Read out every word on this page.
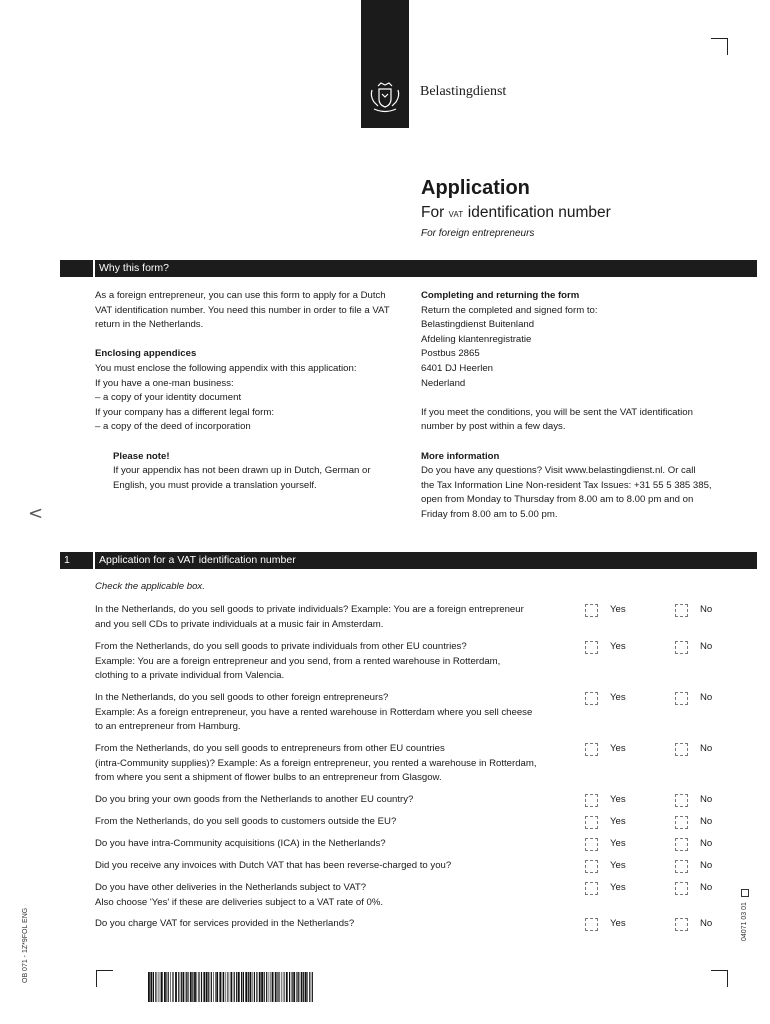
Belastingdienst
Application
For VAT identification number
For foreign entrepreneurs
Why this form?
As a foreign entrepreneur, you can use this form to apply for a Dutch
VAT identification number. You need this number in order to file a VAT
return in the Netherlands.
Enclosing appendices
You must enclose the following appendix with this application:
If you have a one-man business:
– a copy of your identity document
If your company has a different legal form:
– a copy of the deed of incorporation
Please note!
If your appendix has not been drawn up in Dutch, German or
English, you must provide a translation yourself.
Completing and returning the form
Return the completed and signed form to:
Belastingdienst Buitenland
Afdeling klantenregistratie
Postbus 2865
6401 DJ Heerlen
Nederland
If you meet the conditions, you will be sent the VAT identification
number by post within a few days.
More information
Do you have any questions? Visit www.belastingdienst.nl. Or call
the Tax Information Line Non-resident Tax Issues: +31 55 5 385 385,
open from Monday to Thursday from 8.00 am to 8.00 pm and on
Friday from 8.00 am to 5.00 pm.
<
1	Application for a VAT identification number
Check the applicable box.
In the Netherlands, do you sell goods to private individuals? Example: You are a foreign entrepreneur
and you sell CDs to private individuals at a music fair in Amsterdam.
Yes	No
From the Netherlands, do you sell goods to private individuals from other EU countries?
Example: You are a foreign entrepreneur and you send, from a rented warehouse in Rotterdam,
clothing to a private individual from Valencia.
Yes	No
In the Netherlands, do you sell goods to other foreign entrepreneurs?
Example: As a foreign entrepreneur, you have a rented warehouse in Rotterdam where you sell cheese
to an entrepreneur from Hamburg.
Yes	No
From the Netherlands, do you sell goods to entrepreneurs from other EU countries
(intra-Community supplies)? Example: As a foreign entrepreneur, you rented a warehouse in Rotterdam,
from where you sent a shipment of flower bulbs to an entrepreneur from Glasgow.
Yes	No
Do you bring your own goods from the Netherlands to another EU country?	Yes	No
From the Netherlands, do you sell goods to customers outside the EU?	Yes	No
Do you have intra-Community acquisitions (ICA) in the Netherlands?	Yes	No
Did you receive any invoices with Dutch VAT that has been reverse-charged to you?	Yes	No
Do you have other deliveries in the Netherlands subject to VAT?
Also choose 'Yes' if these are deliveries subject to a VAT rate of 0%.
Yes	No
Do you charge VAT for services provided in the Netherlands?	Yes	No
OB 071 - 1Z*9FOL ENG	04071 03 01
